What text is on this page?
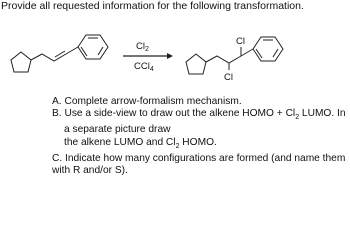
Provide all requested information for the following transformation.
$Cl_2$
CCl$_4$
Cl
Cl
A. Complete arrow-formalism mechanism.
B. Use a side-view to draw out the alkene HOMO + $Cl_2$ LUMO. In a separate picture draw
the alkene LUMO and $Cl_2$ HOMO.
C. Indicate how many configurations are formed (and name them with R and/or S).
